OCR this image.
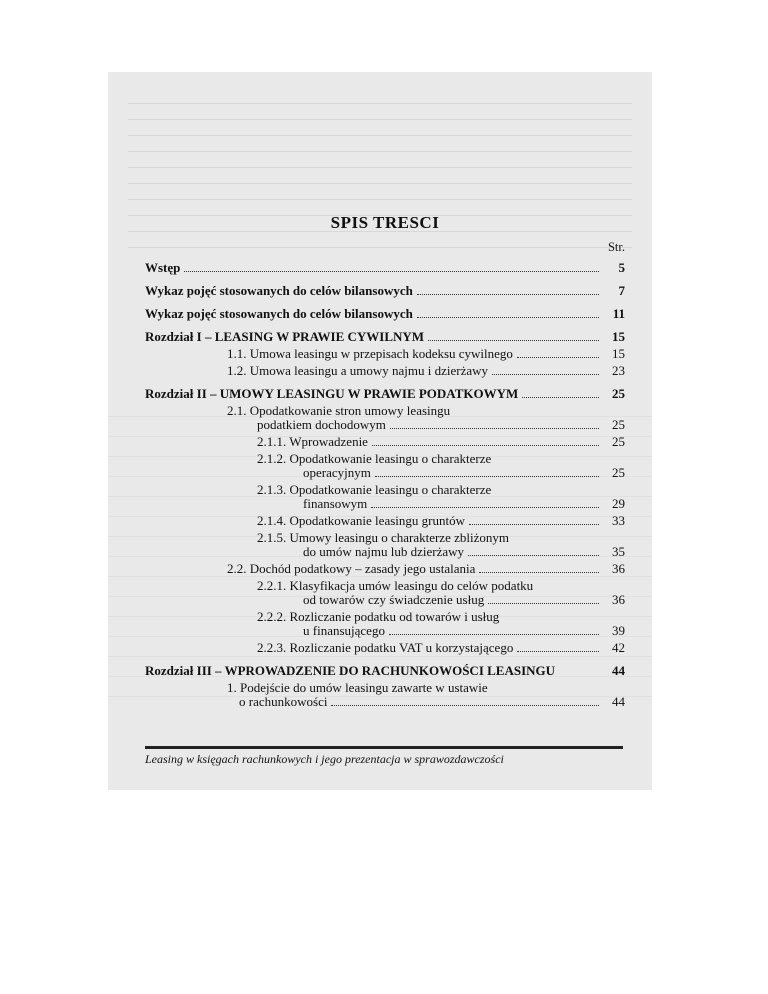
SPIS TRESCI
Str.
Wstęp	5
Wykaz pojęć stosowanych do celów bilansowych	7
Wykaz pojęć stosowanych do celów bilansowych	11
Rozdział I – LEASING W PRAWIE CYWILNYM	15
1.1. Umowa leasingu w przepisach kodeksu cywilnego	15
1.2. Umowa leasingu a umowy najmu i dzierżawy	23
Rozdział II – UMOWY LEASINGU W PRAWIE PODATKOWYM	25
2.1. Opodatkowanie stron umowy leasingu
podatkiem dochodowym	25
2.1.1. Wprowadzenie	25
2.1.2. Opodatkowanie leasingu o charakterze
operacyjnym	25
2.1.3. Opodatkowanie leasingu o charakterze
finansowym	29
2.1.4. Opodatkowanie leasingu gruntów	33
2.1.5. Umowy leasingu o charakterze zbliżonym
do umów najmu lub dzierżawy	35
2.2. Dochód podatkowy – zasady jego ustalania	36
2.2.1. Klasyfikacja umów leasingu do celów podatku
od towarów czy świadczenie usług	36
2.2.2. Rozliczanie podatku od towarów i usług
u finansującego	39
2.2.3. Rozliczanie podatku VAT u korzystającego	42
Rozdział III – WPROWADZENIE DO RACHUNKOWOŚCI LEASINGU	44
1. Podejście do umów leasingu zawarte w ustawie
o rachunkowości	44
Leasing w księgach rachunkowych i jego prezentacja w sprawozdawczości
